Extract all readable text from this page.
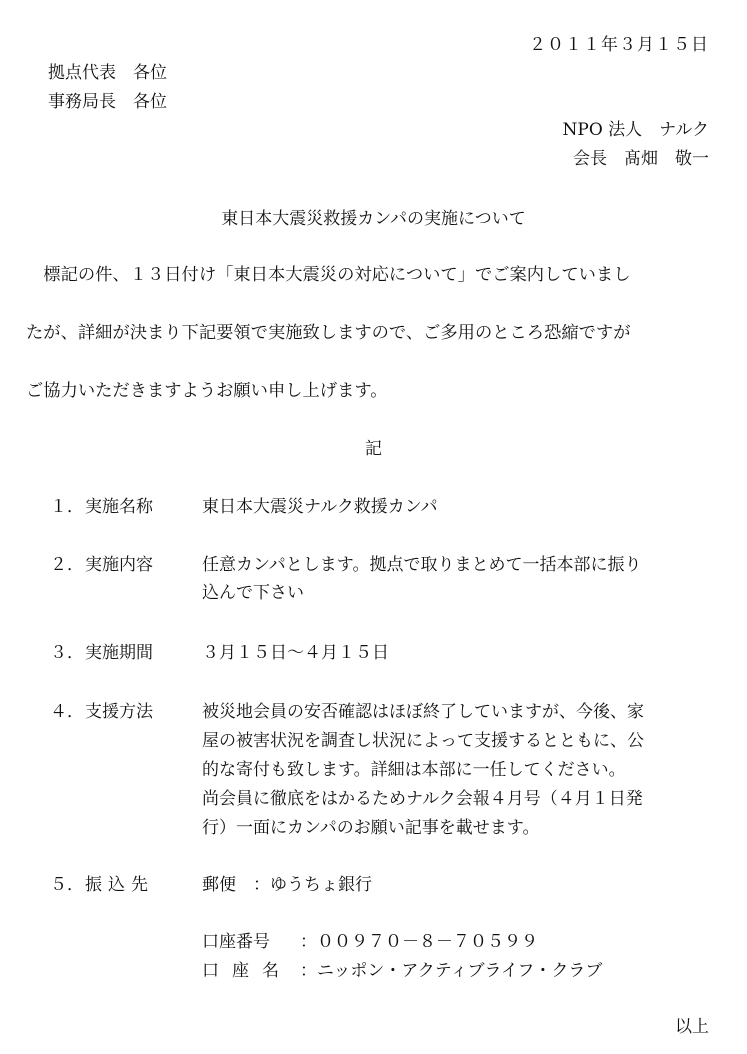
２０１１年３月１５日
拠点代表　各位
事務局長　各位
NPO 法人　ナルク
会長　髙畑　敬一
東日本大震災救援カンパの実施について
　標記の件、１３日付け「東日本大震災の対応について」でご案内していまし
たが、詳細が決まり下記要領で実施致しますので、ご多用のところ恐縮ですが
ご協力いただきますようお願い申し上げます。
記
１． 実施名称	東日本大震災ナルク救援カンパ
２． 実施内容	任意カンパとします。拠点で取りまとめて一括本部に振り
込んで下さい
３． 実施期間	３月１５日～４月１５日
４． 支援方法	被災地会員の安否確認はほぼ終了していますが、今後、家
屋の被害状況を調査し状況によって支援するとともに、公
的な寄付も致します。詳細は本部に一任してください。
尚会員に徹底をはかるためナルク会報４月号（４月１日発
行）一面にカンパのお願い記事を載せます。
５． 振込先	郵便　：ゆうちょ銀行
口座番号 ：００９７０－８－７０５９９
口座名 ：ニッポン・アクティブライフ・クラブ
以上
